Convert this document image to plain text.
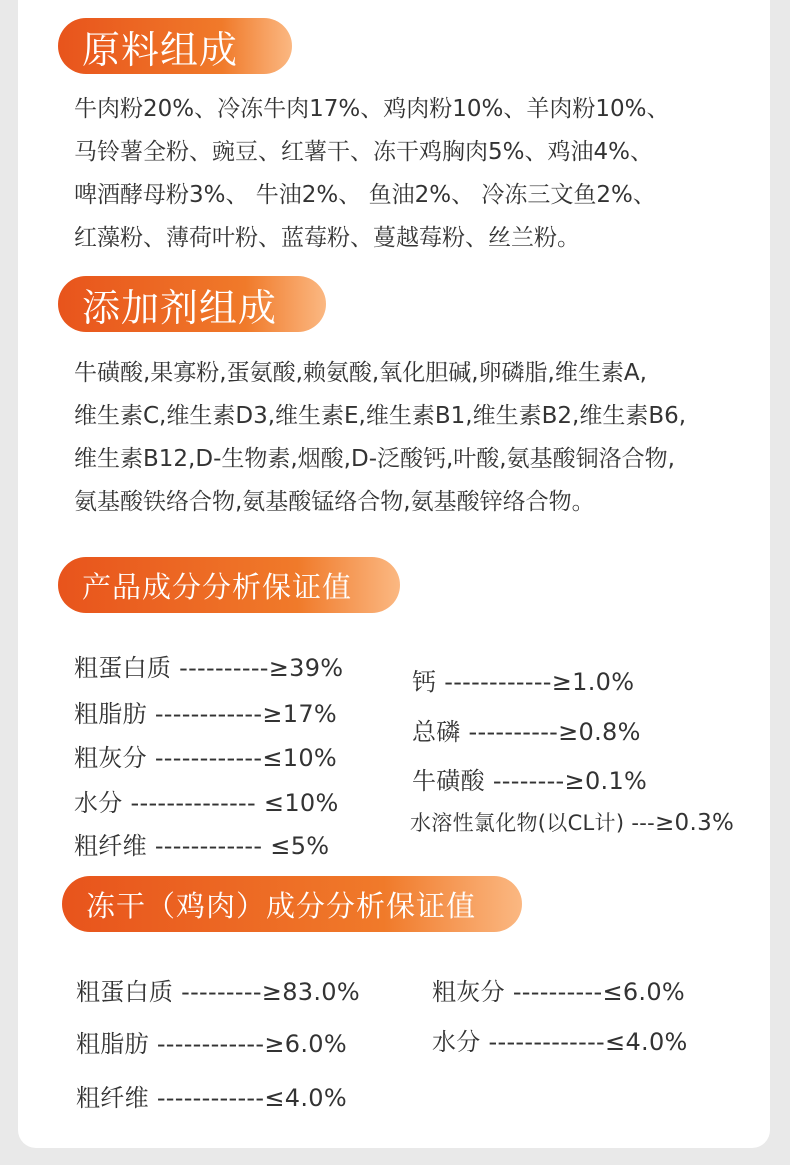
原料组成

牛肉粉20%、冷冻牛肉17%、鸡肉粉10%、羊肉粉10%、
马铃薯全粉、豌豆、红薯干、冻干鸡胸肉5%、鸡油4%、
啤酒酵母粉3%、 牛油2%、 鱼油2%、 冷冻三文鱼2%、
红藻粉、薄荷叶粉、蓝莓粉、蔓越莓粉、丝兰粉。

添加剂组成

牛磺酸,果寡粉,蛋氨酸,赖氨酸,氧化胆碱,卵磷脂,维生素A,
维生素C,维生素D3,维生素E,维生素B1,维生素B2,维生素B6,
维生素B12,D-生物素,烟酸,D-泛酸钙,叶酸,氨基酸铜洛合物,
氨基酸铁络合物,氨基酸锰络合物,氨基酸锌络合物。

产品成分分析保证值
粗蛋白质 ----------≥39%
粗脂肪 ------------≥17%
粗灰分 ------------≤10%
水分 -------------- ≤10%
粗纤维 ------------ ≤5%
钙 ------------≥1.0%
总磷 ----------≥0.8%
牛磺酸 --------≥0.1%
水溶性氯化物(以CL计) ---≥0.3%
冻干（鸡肉）成分分析保证值
粗蛋白质 ---------≥83.0%
粗脂肪 ------------≥6.0%
粗纤维 ------------≤4.0%
粗灰分 ----------≤6.0%
水分 -------------≤4.0%
